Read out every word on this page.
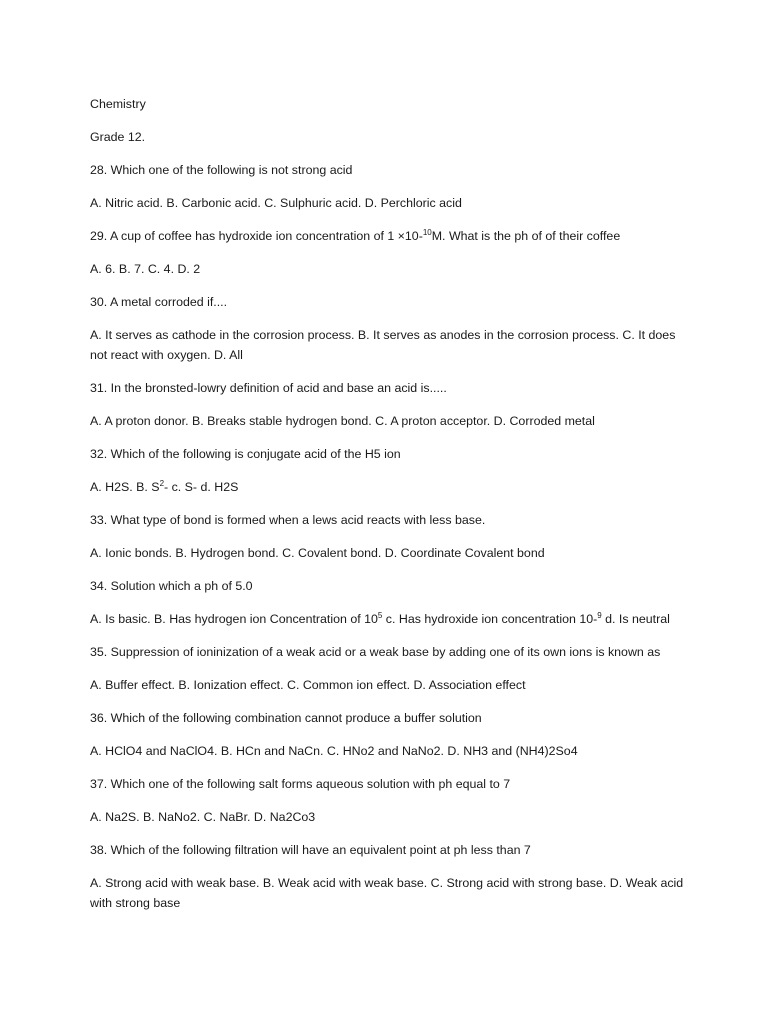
Chemistry

Grade 12.

28. Which one of the following is not strong acid

A. Nitric acid. B. Carbonic acid. C. Sulphuric acid. D. Perchloric acid

29. A cup of coffee has hydroxide ion concentration of 1 ×10-$^{10}$M. What is the ph of of their coffee

A. 6. B. 7. C. 4. D. 2

30. A metal corroded if....

A. It serves as cathode in the corrosion process. B. It serves as anodes in the corrosion process. C. It does not react with oxygen. D. All

31. In the bronsted-lowry definition of acid and base an acid is.....

A. A proton donor. B. Breaks stable hydrogen bond. C. A proton acceptor. D. Corroded metal

32. Which of the following is conjugate acid of the H5 ion

A. H2S. B. $S^2-$ c. S- d. H2S

33. What type of bond is formed when a lews acid reacts with less base.

A. Ionic bonds. B. Hydrogen bond. C. Covalent bond. D. Coordinate Covalent bond

34. Solution which a ph of 5.0

A. Is basic. B. Has hydrogen ion Concentration of $10^5$ c. Has hydroxide ion concentration 10-$^9$ d. Is neutral

35. Suppression of ioninization of a weak acid or a weak base by adding one of its own ions is known as

A. Buffer effect. B. Ionization effect. C. Common ion effect. D. Association effect

36. Which of the following combination cannot produce a buffer solution

A. HClO4 and NaClO4. B. HCn and NaCn. C. HNo2 and NaNo2. D. NH3 and (NH4)2So4

37. Which one of the following salt forms aqueous solution with ph equal to 7

A. Na2S. B. NaNo2. C. NaBr. D. Na2Co3

38. Which of the following filtration will have an equivalent point at ph less than 7

A. Strong acid with weak base. B. Weak acid with weak base. C. Strong acid with strong base. D. Weak acid with strong base
